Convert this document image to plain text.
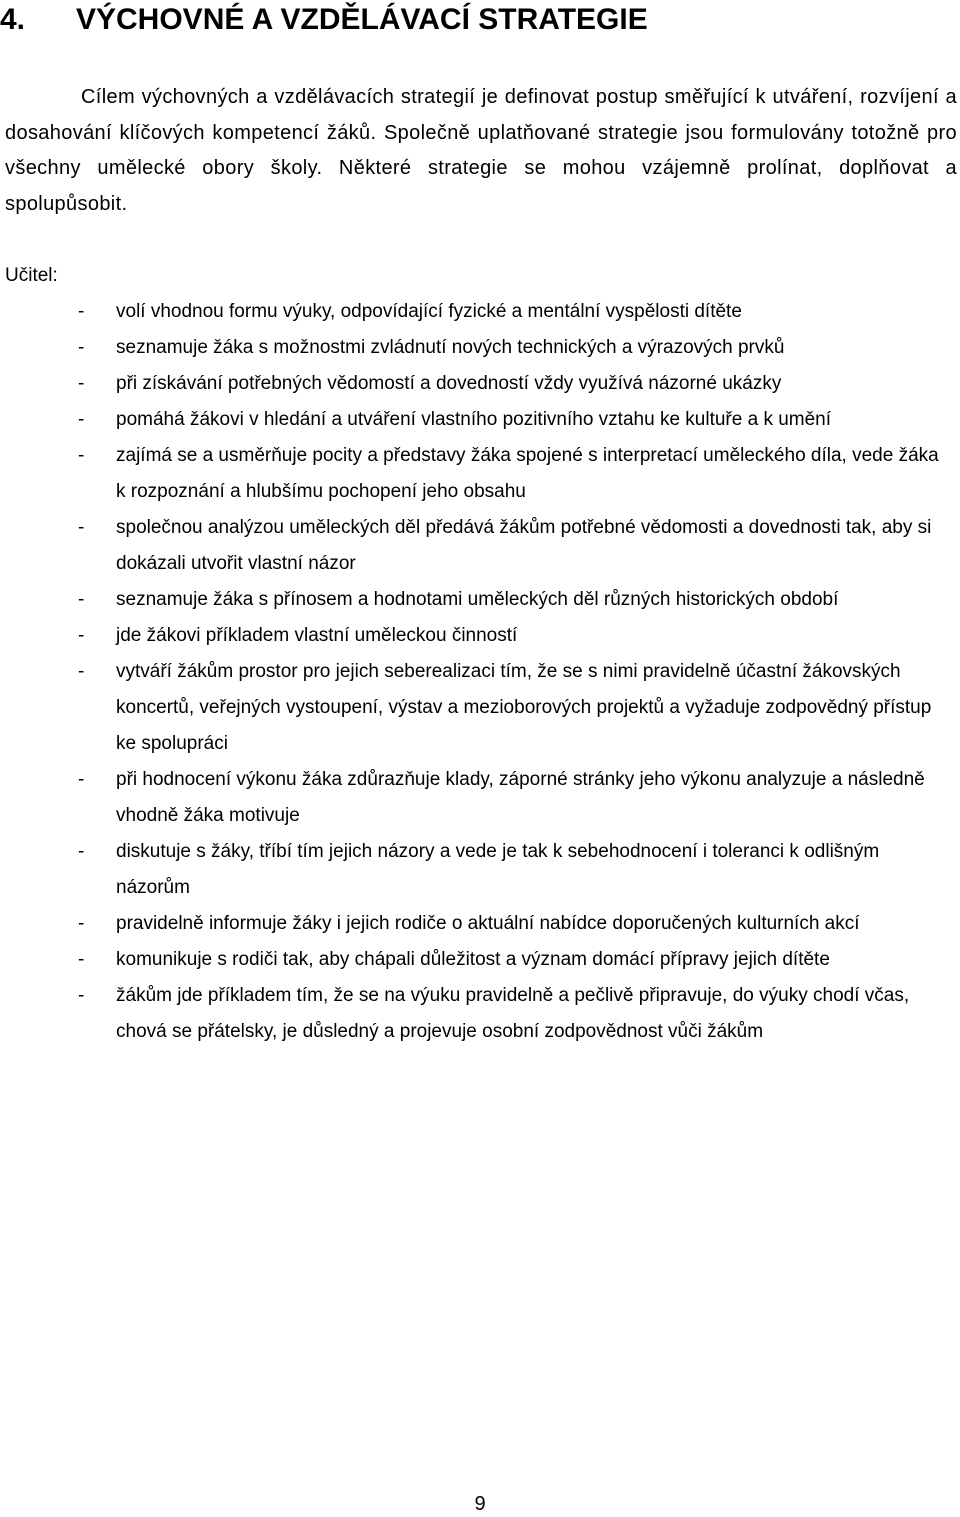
4. VÝCHOVNÉ A VZDĚLÁVACÍ STRATEGIE

Cílem výchovných a vzdělávacích strategií je definovat postup směřující k utváření, rozvíjení a dosahování klíčových kompetencí žáků. Společně uplatňované strategie jsou formulovány totožně pro všechny umělecké obory školy. Některé strategie se mohou vzájemně prolínat, doplňovat a spolupůsobit.

Učitel:

- volí vhodnou formu výuky, odpovídající fyzické a mentální vyspělosti dítěte
- seznamuje žáka s možnostmi zvládnutí nových technických a výrazových prvků
- při získávání potřebných vědomostí a dovedností vždy využívá názorné ukázky
- pomáhá žákovi v hledání a utváření vlastního pozitivního vztahu ke kultuře a k umění
- zajímá se a usměrňuje pocity a představy žáka spojené s interpretací uměleckého díla, vede žáka k rozpoznání a hlubšímu pochopení jeho obsahu
- společnou analýzou uměleckých děl předává žákům potřebné vědomosti a dovednosti tak, aby si dokázali utvořit vlastní názor
- seznamuje žáka s přínosem a hodnotami uměleckých děl různých historických období
- jde žákovi příkladem vlastní uměleckou činností
- vytváří žákům prostor pro jejich seberealizaci tím, že se s nimi pravidelně účastní žákovských koncertů, veřejných vystoupení, výstav a mezioborových projektů a vyžaduje zodpovědný přístup ke spolupráci
- při hodnocení výkonu žáka zdůrazňuje klady, záporné stránky jeho výkonu analyzuje a následně vhodně žáka motivuje
- diskutuje s žáky, tříbí tím jejich názory a vede je tak k sebehodnocení i toleranci k odlišným názorům
- pravidelně informuje žáky i jejich rodiče o aktuální nabídce doporučených kulturních akcí
- komunikuje s rodiči tak, aby chápali důležitost a význam domácí přípravy jejich dítěte
- žákům jde příkladem tím, že se na výuku pravidelně a pečlivě připravuje, do výuky chodí včas, chová se přátelsky, je důsledný a projevuje osobní zodpovědnost vůči žákům

9
